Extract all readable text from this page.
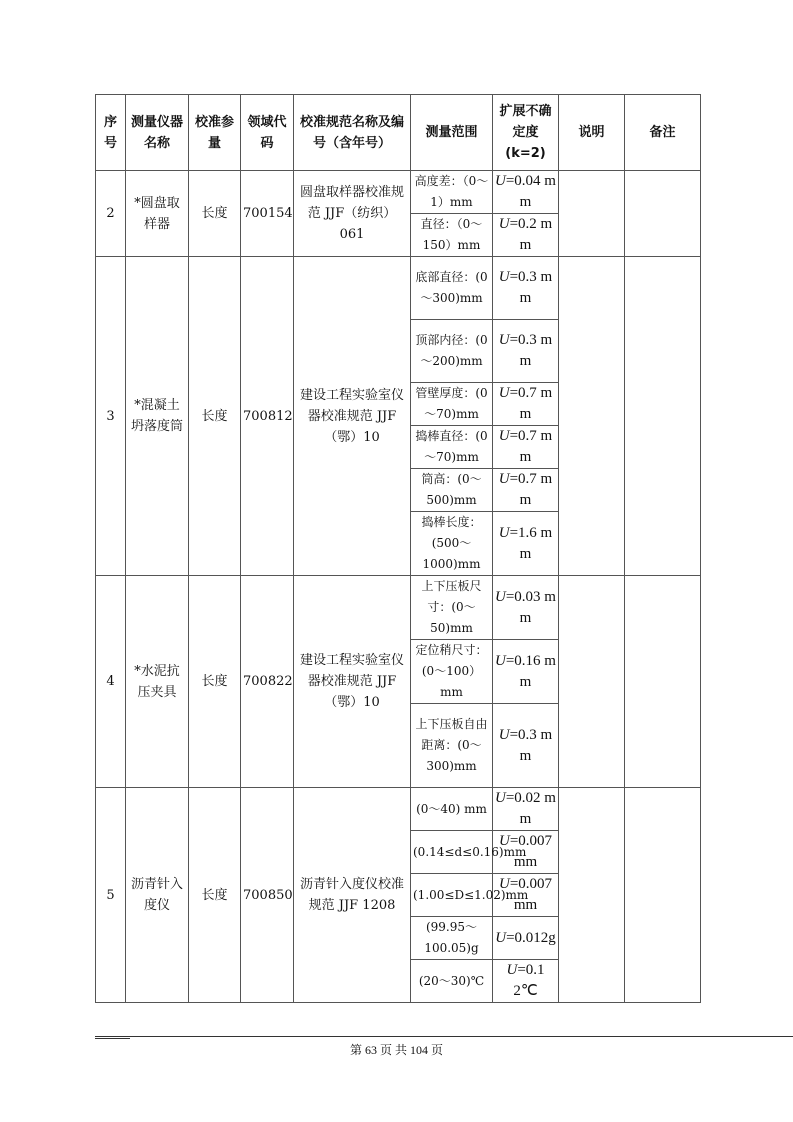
序号	测量仪器名称	校准参量	领域代码	校准规范名称及编号（含年号）	测量范围	扩展不确定度(k=2)	说明	备注
2	*圆盘取样器	长度	700154	圆盘取样器校准规范 JJF（纺织）061	高度差：（0～1）mm	U=0.04 mm		
					直径：（0～150）mm	U=0.2 mm		
3	*混凝土坍落度筒	长度	700812	建设工程实验室仪器校准规范 JJF（鄂）10	底部直径：(0～300)mm	U=0.3 mm		
					顶部内径：(0～200)mm	U=0.3 mm		
					管壁厚度：(0～70)mm	U=0.7 mm		
					捣棒直径：(0～70)mm	U=0.7 mm		
					筒高：(0～500)mm	U=0.7 mm		
					捣棒长度：(500～1000)mm	U=1.6 mm		
4	*水泥抗压夹具	长度	700822	建设工程实验室仪器校准规范 JJF（鄂）10	上下压板尺寸：(0～50)mm	U=0.03 mm		
					定位稍尺寸：(0～100）mm	U=0.16 mm		
					上下压板自由距离：(0～300)mm	U=0.3 mm		
5	沥青针入度仪	长度	700850	沥青针入度仪校准规范 JJF 1208	(0～40) mm	U=0.02 mm		
					(0.14≤d≤0.16)mm	U=0.007mm		
					(1.00≤D≤1.02)mm	U=0.007mm		
					(99.95～100.05)g	U=0.012g		
					(20～30)℃	U=0.12℃		
第 63 页 共 104 页
